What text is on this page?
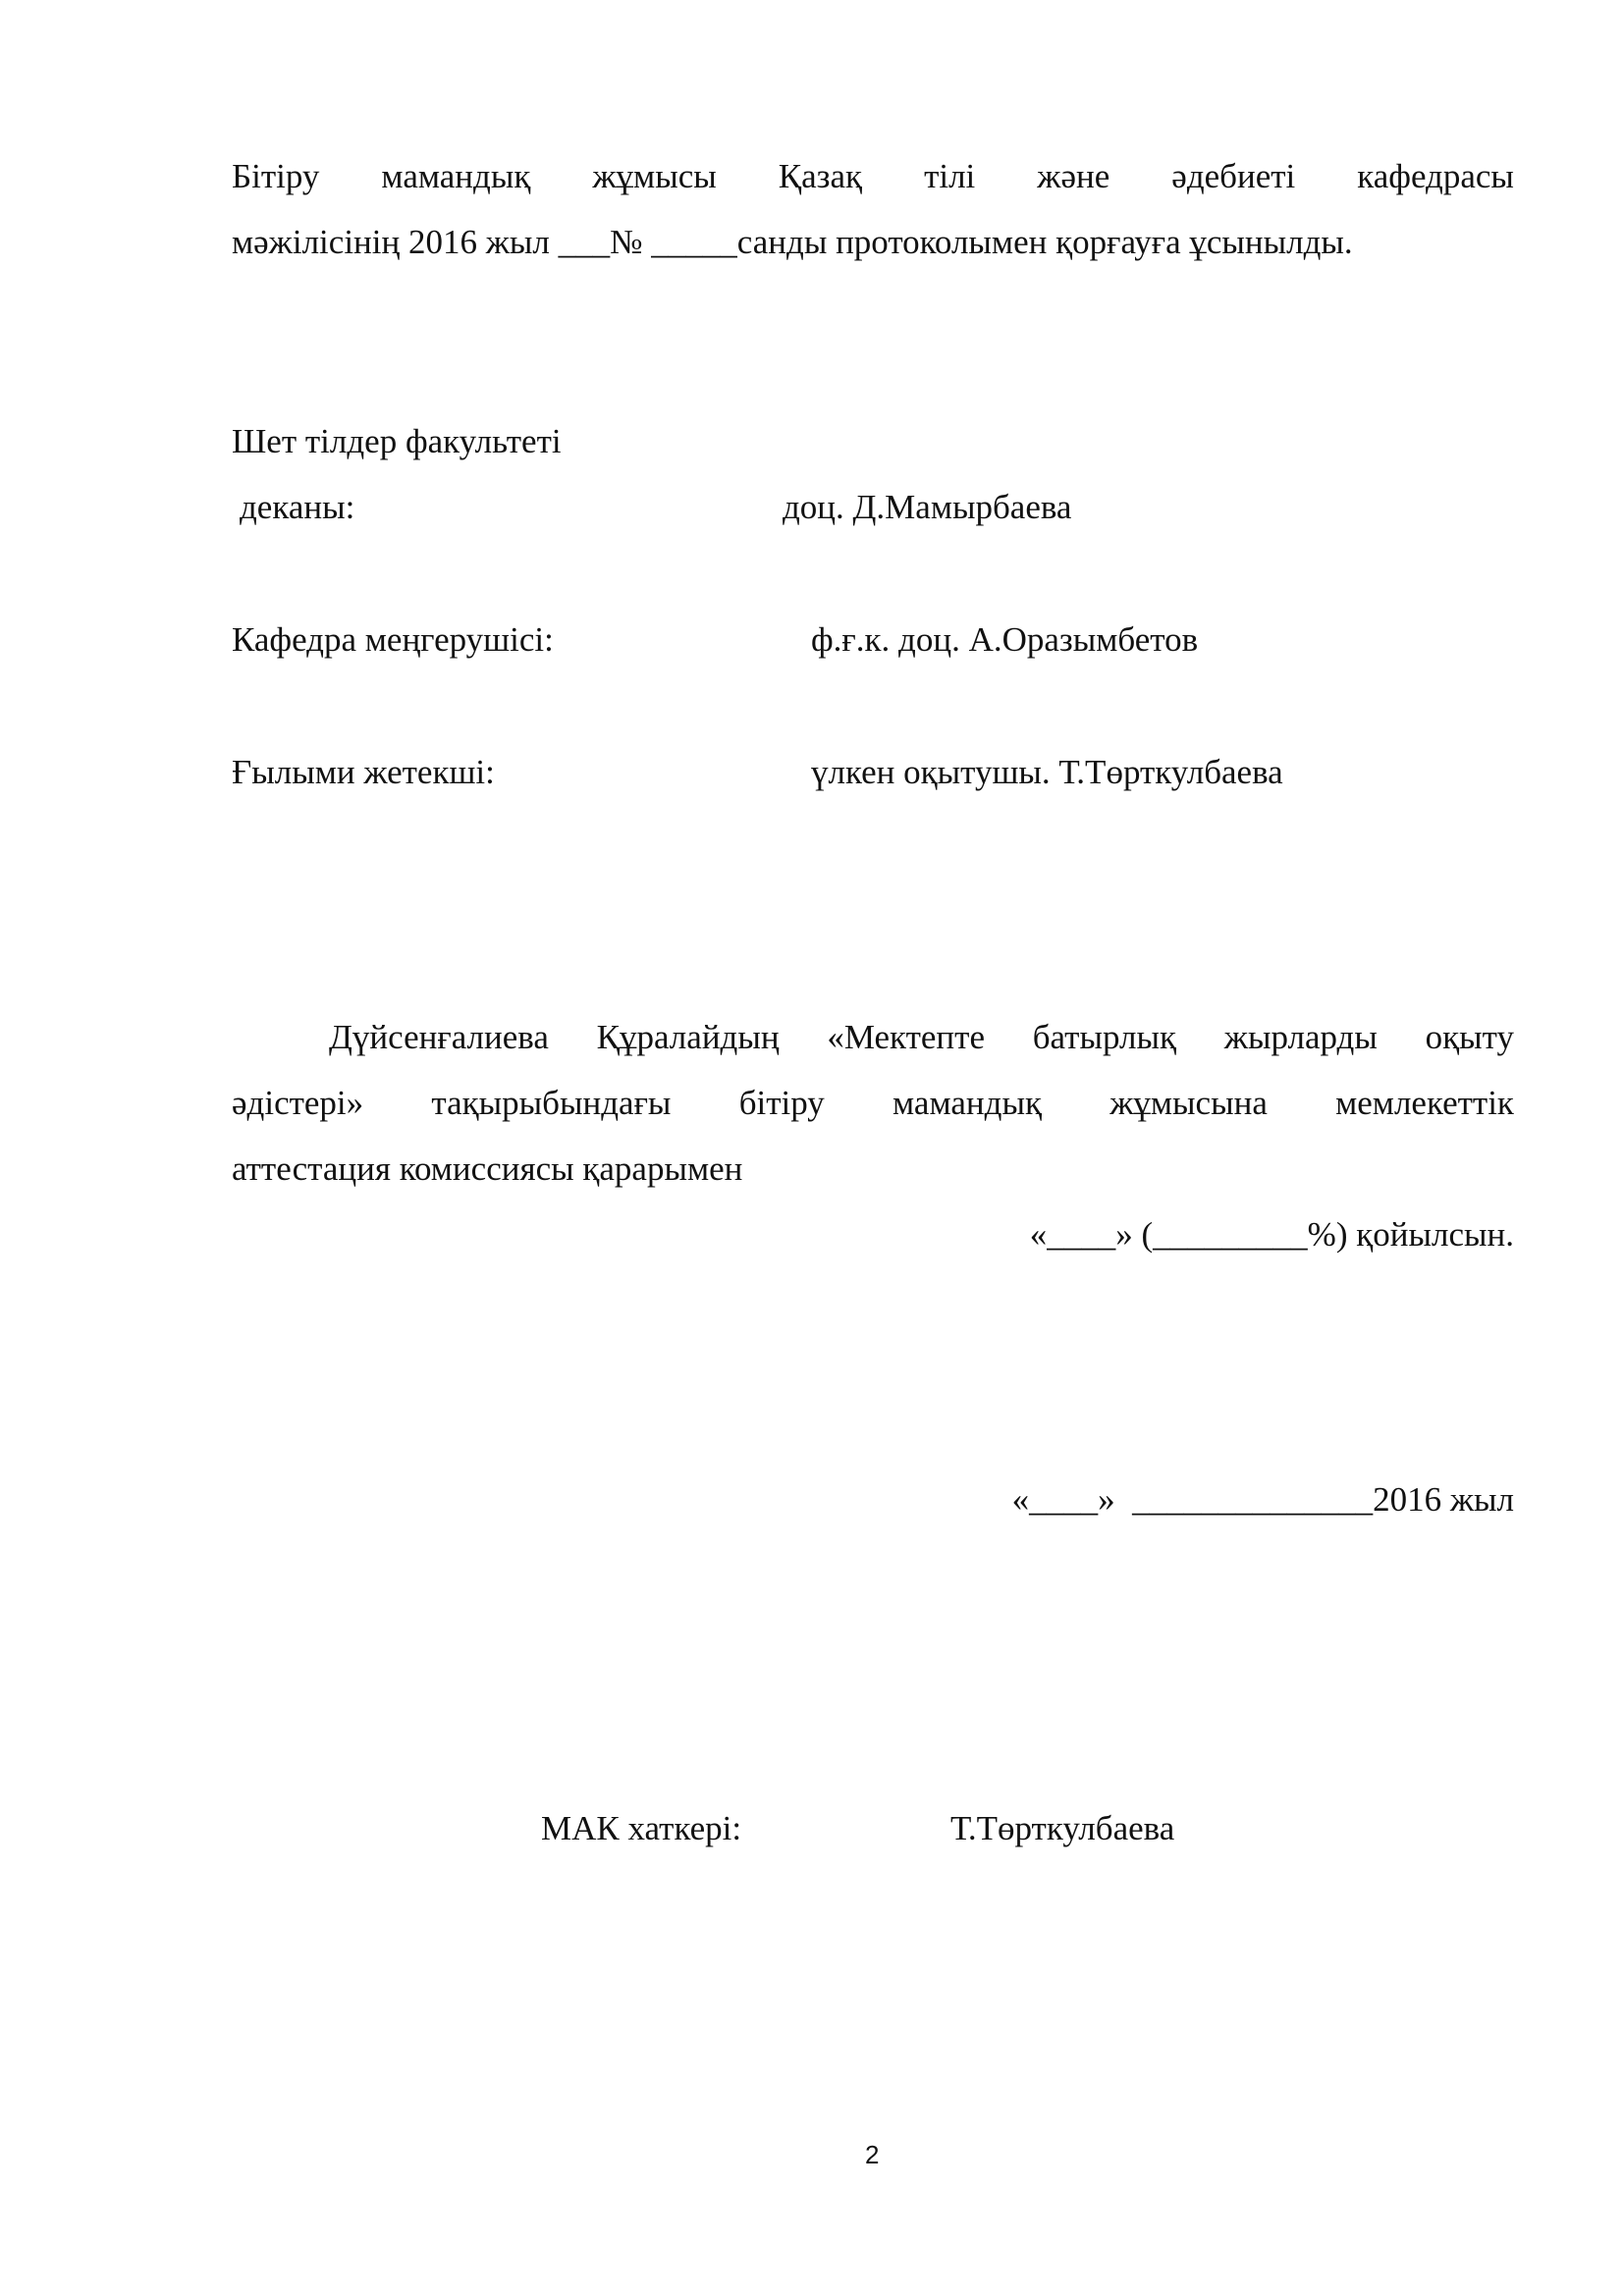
Бітіру мамандық жұмысы Қазақ тілі және әдебиеті кафедрасы
мәжілісінің 2016 жыл ___№ _____санды протоколымен қорғауға ұсынылды.
Шет тілдер факультеті
деканы:	доц. Д.Мамырбаева
Кафедра меңгерушісі:	ф.ғ.к. доц. А.Оразымбетов
Ғылыми жетекші:	үлкен оқытушы. Т.Төрткулбаева
Дүйсенғалиева Құралайдың «Мектепте батырлық жырларды оқыту
әдістері» тақырыбындағы бітіру мамандық жұмысына мемлекеттік
аттестация комиссиясы қарарымен
«____» (_________%) қойылсын.
«____»  ______________2016 жыл
МАК хаткері:	Т.Төрткулбаева
2
